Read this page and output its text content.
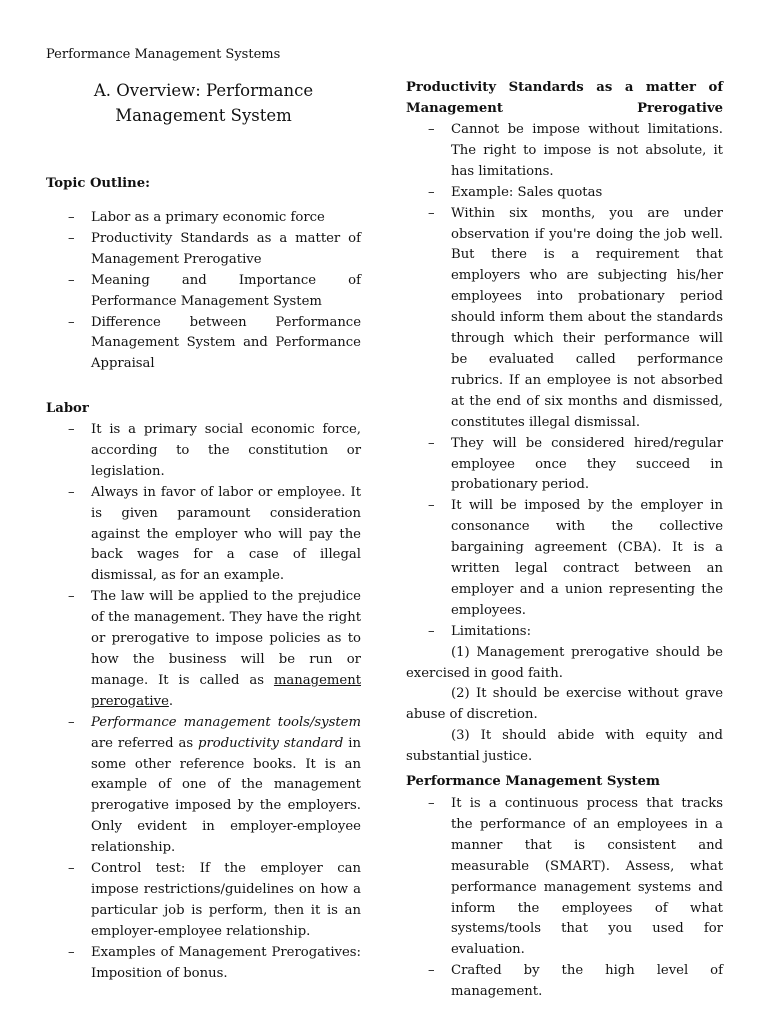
Performance Management Systems
A. Overview: Performance
Management System
Topic Outline:
– Labor as a primary economic force
– Productivity Standards as a matter of Management Prerogative
– Meaning and Importance of Performance Management System
– Difference between Performance Management System and Performance Appraisal
Labor
– It is a primary social economic force, according to the constitution or legislation.
– Always in favor of labor or employee. It is given paramount consideration against the employer who will pay the back wages for a case of illegal dismissal, as for an example.
– The law will be applied to the prejudice of the management. They have the right or prerogative to impose policies as to how the business will be run or manage. It is called as management prerogative.
– Performance management tools/system are referred as productivity standard in some other reference books. It is an example of one of the management prerogative imposed by the employers. Only evident in employer-employee relationship.
– Control test: If the employer can impose restrictions/guidelines on how a particular job is perform, then it is an employer-employee relationship.
– Examples of Management Prerogatives: Imposition of bonus.
Productivity Standards as a matter of Management Prerogative
– Cannot be impose without limitations. The right to impose is not absolute, it has limitations.
– Example: Sales quotas
– Within six months, you are under observation if you're doing the job well. But there is a requirement that employers who are subjecting his/her employees into probationary period should inform them about the standards through which their performance will be evaluated called performance rubrics. If an employee is not absorbed at the end of six months and dismissed, constitutes illegal dismissal.
– They will be considered hired/regular employee once they succeed in probationary period.
– It will be imposed by the employer in consonance with the collective bargaining agreement (CBA). It is a written legal contract between an employer and a union representing the employees.
– Limitations:
(1) Management prerogative should be exercised in good faith.
(2) It should be exercise without grave abuse of discretion.
(3) It should abide with equity and substantial justice.
Performance Management System
– It is a continuous process that tracks the performance of an employees in a manner that is consistent and measurable (SMART). Assess, what performance management systems and inform the employees of what systems/tools that you used for evaluation.
– Crafted by the high level of management.
